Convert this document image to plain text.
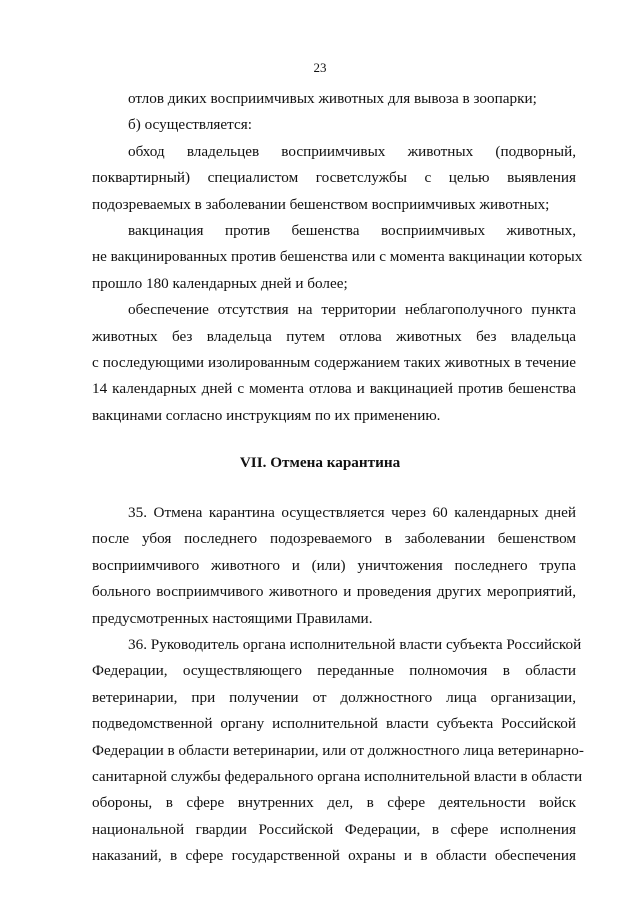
23
отлов диких восприимчивых животных для вывоза в зоопарки;
б) осуществляется:
обход владельцев восприимчивых животных (подворный,
поквартирный) специалистом госветслужбы с целью выявления
подозреваемых в заболевании бешенством восприимчивых животных;
вакцинация против бешенства восприимчивых животных,
не вакцинированных против бешенства или с момента вакцинации которых
прошло 180 календарных дней и более;
обеспечение отсутствия на территории неблагополучного пункта
животных без владельца путем отлова животных без владельца
с последующими изолированным содержанием таких животных в течение
14 календарных дней с момента отлова и вакцинацией против бешенства
вакцинами согласно инструкциям по их применению.
VII. Отмена карантина
35. Отмена карантина осуществляется через 60 календарных дней
после убоя последнего подозреваемого в заболевании бешенством
восприимчивого животного и (или) уничтожения последнего трупа
больного восприимчивого животного и проведения других мероприятий,
предусмотренных настоящими Правилами.
36. Руководитель органа исполнительной власти субъекта Российской
Федерации, осуществляющего переданные полномочия в области
ветеринарии, при получении от должностного лица организации,
подведомственной органу исполнительной власти субъекта Российской
Федерации в области ветеринарии, или от должностного лица ветеринарно-
санитарной службы федерального органа исполнительной власти в области
обороны, в сфере внутренних дел, в сфере деятельности войск
национальной гвардии Российской Федерации, в сфере исполнения
наказаний, в сфере государственной охраны и в области обеспечения
